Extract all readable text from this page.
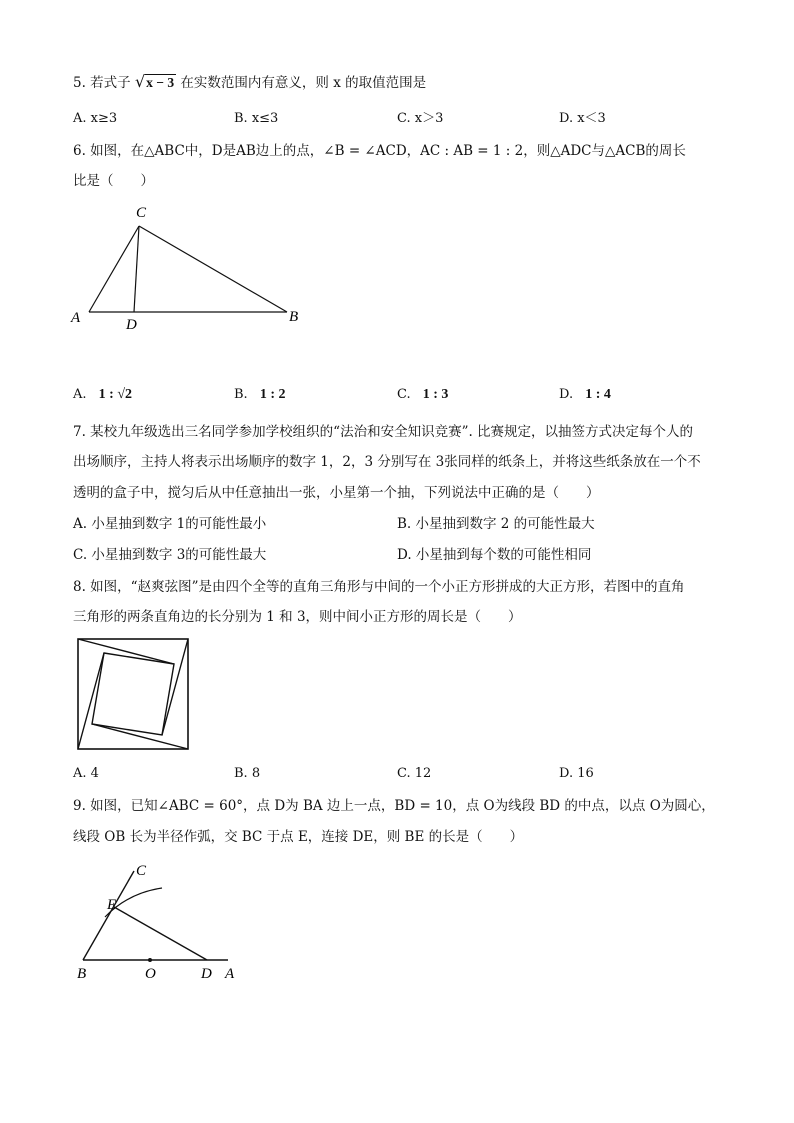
5. 若式子 √x − 3 在实数范围内有意义，则 x 的取值范围是
A. x≥3	B. x≤3	C. x＞3	D. x＜3
6. 如图，在△ABC中，D是AB边上的点，∠B = ∠ACD，AC : AB = 1 : 2，则△ADC与△ACB的周长
比是（　　）
C
A	D	B
A. 1 : √2	B. 1 : 2	C. 1 : 3	D. 1 : 4
7. 某校九年级选出三名同学参加学校组织的“法治和安全知识竞赛”. 比赛规定，以抽签方式决定每个人的
出场顺序，主持人将表示出场顺序的数字 1，2，3 分别写在 3张同样的纸条上，并将这些纸条放在一个不
透明的盒子中，搅匀后从中任意抽出一张，小星第一个抽，下列说法中正确的是（　　）
A. 小星抽到数字 1的可能性最小	B. 小星抽到数字 2 的可能性最大
C. 小星抽到数字 3的可能性最大	D. 小星抽到每个数的可能性相同
8. 如图，“赵爽弦图”是由四个全等的直角三角形与中间的一个小正方形拼成的大正方形，若图中的直角
三角形的两条直角边的长分别为 1 和 3，则中间小正方形的周长是（　　）
A. 4	B. 8	C. 12	D. 16
9. 如图，已知∠ABC = 60°，点 D为 BA 边上一点，BD = 10，点 O为线段 BD 的中点，以点 O为圆心，
线段 OB 长为半径作弧，交 BC 于点 E，连接 DE，则 BE 的长是（　　）
C
E
B	O	D A
